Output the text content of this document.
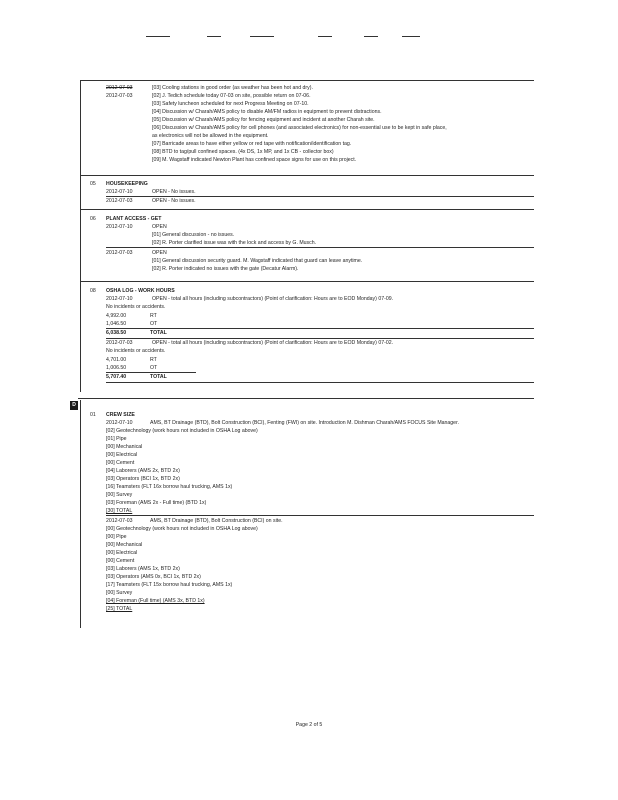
2012-07-03	[03] Cooling stations in good order (as weather has been hot and dry).
2012-07-03	[02] J. Tedich schedule today 07-03 on site, possible return on 07-06.
[03] Safety luncheon scheduled for next Progress Meeting on 07-10.
[04] Discussion w/ Charah/AMS policy to disable AM/FM radios in equipment to prevent distractions.
[05] Discussion w/ Charah/AMS policy for fencing equipment and incident at another Charah site.
[06] Discussion w/ Charah/AMS policy for cell phones (and associated electronics) for non-essential use to be kept in safe place,
as electronics will not be allowed in the equipment.
[07] Barricade areas to have either yellow or red tape with notification/identification tag.
[08] BTD to tag/pull confined spaces. (4x DS, 1x MP, and 1x CB - collector box)
[09] M. Wagstaff indicated Newton Plant has confined space signs for use on this project.
05 HOUSEKEEPING
2012-07-10	OPEN - No issues.
2012-07-03	OPEN - No issues.
06 PLANT ACCESS - GET
2012-07-10	OPEN
[01] General discussion - no issues.
[02] R. Porter clarified issue was with the lock and access by G. Musch.
2012-07-03	OPEN
[01] General discussion security guard. M. Wagstaff indicated that guard can leave anytime.
[02] R. Porter indicated no issues with the gate (Decatur Alarm).
08 OSHA LOG - WORK HOURS
2012-07-10	OPEN - total all hours (including subcontractors) (Point of clarification: Hours are to EOD Monday) 07-09.
No incidents or accidents.
4,992.00	RT
1,046.50	OT
6,038.50	TOTAL
2012-07-03	OPEN - total all hours (including subcontractors) (Point of clarification: Hours are to EOD Monday) 07-02.
No incidents or accidents.
4,701.00	RT
1,006.50	OT
5,707.40	TOTAL
D
01 CREW SIZE
2012-07-10	AMS, BT Drainage (BTD), Bolt Construction (BCI), Fenting (FWI) on site. Introduction M. Dishman Charah/AMS FOCUS Site Manager.
[02] Geotechnology (work hours not included in OSHA Log above)
[01] Pipe
[00] Mechanical
[00] Electrical
[00] Cement
[04] Laborers (AMS 2x, BTD 2x)
[03] Operators (BCI 1x, BTD 2x)
[16] Teamsters (FLT 16x borrow haul trucking, AMS 1x)
[00] Survey
[03] Foreman (AMS 2x - Full time) (BTD 1x)
[30] TOTAL
2012-07-03	AMS, BT Drainage (BTD), Bolt Construction (BCI) on site.
[00] Geotechnology (work hours not included in OSHA Log above)
[00] Pipe
[00] Mechanical
[00] Electrical
[00] Cement
[03] Laborers (AMS 1x, BTD 2x)
[03] Operators (AMS 0x, BCI 1x, BTD 2x)
[17] Teamsters (FLT 15x borrow haul trucking, AMS 1x)
[00] Survey
[04] Foreman (Full time) (AMS 3x, BTD 1x)
[25] TOTAL
Page 2 of 5
